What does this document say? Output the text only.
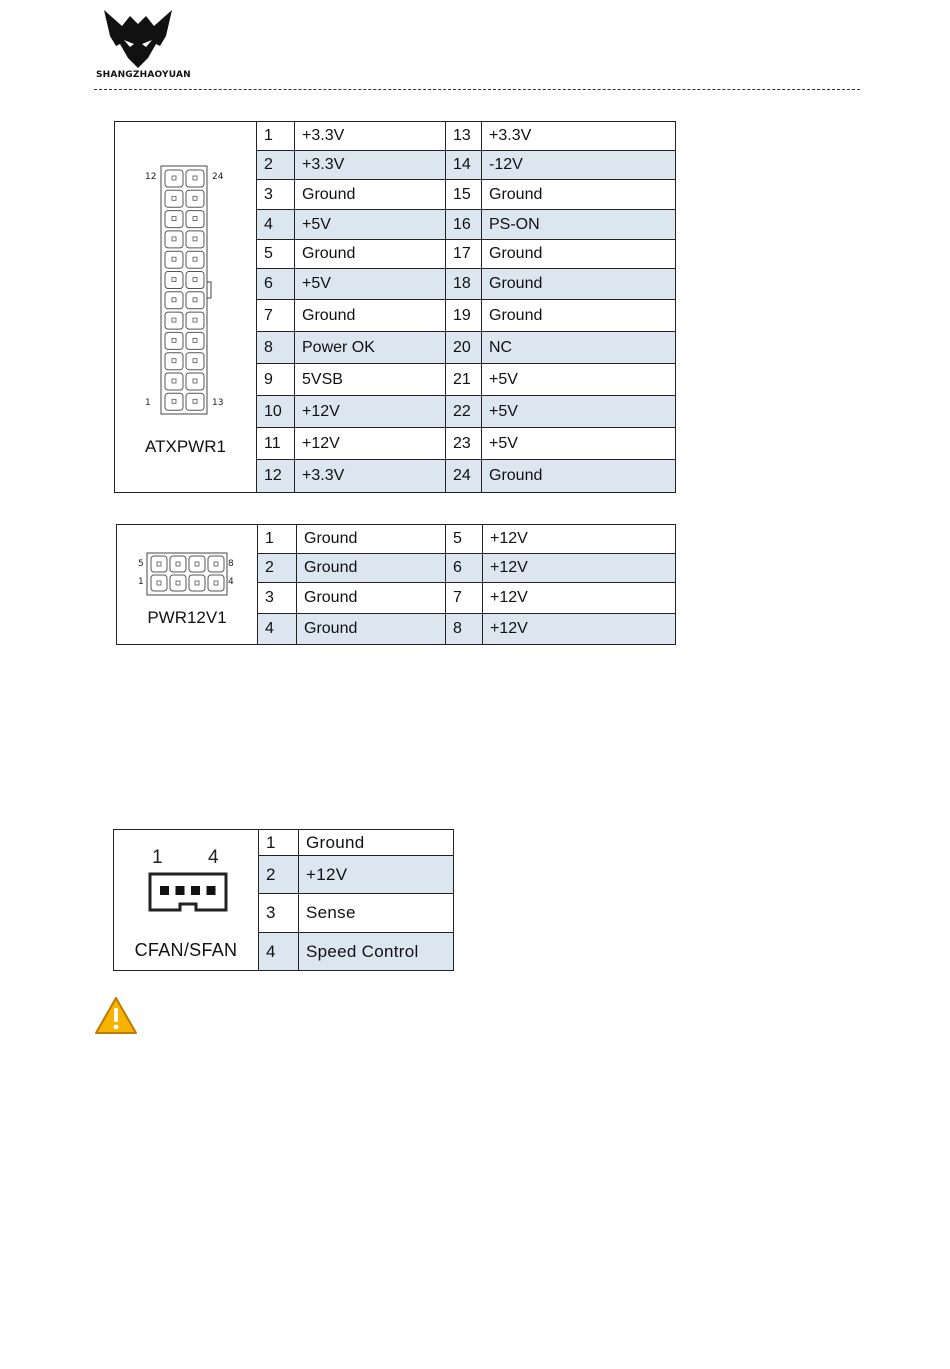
SHANGZHAOYUAN
12 24
1 13
ATXPWR1	1	+3.3V	13	+3.3V
	2	+3.3V	14	-12V
	3	Ground	15	Ground
	4	+5V	16	PS-ON
	5	Ground	17	Ground
	6	+5V	18	Ground
	7	Ground	19	Ground
	8	Power OK	20	NC
	9	5VSB	21	+5V
	10	+12V	22	+5V
	11	+12V	23	+5V
	12	+3.3V	24	Ground
5 8
1 4
PWR12V1	1	Ground	5	+12V
	2	Ground	6	+12V
	3	Ground	7	+12V
	4	Ground	8	+12V
1 4
CFAN/SFAN	1	Ground
	2	+12V
	3	Sense
	4	Speed Control
